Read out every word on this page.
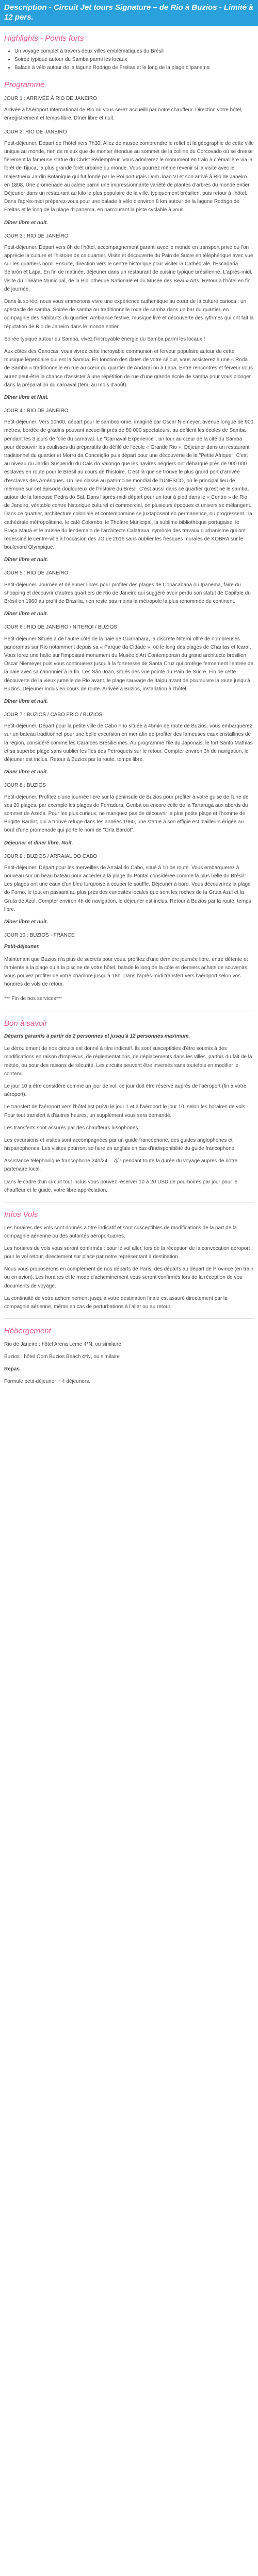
Description - Circuit Jet tours Signature – de Rio à Buzios - Limité à 12 pers.
Highlights - Points forts
• Un voyage complet à travers deux villes emblématiques du Brésil
• Soirée typique autour du Samba parmi les locaux
• Balade à vélo autour de la lagune Rodrigo de Freitas et le long de la plage d'Ipanema
Programme
JOUR 1 : ARRIVÉE À RIO DE JANEIRO

Arrivée à l'Aéroport International de Rio où vous serez accueilli par notre chauffeur. Direction votre hôtel, enregistrement et temps libre. Dîner libre et nuit.

JOUR 2: RIO DE JANEIRO

Petit-déjeuner. Départ de l'hôtel vers 7h30. Allez de musée comprendre le relief et la géographie de cette ville unique au monde, rien de mieux que de monter étendue au sommet de la colline du Corcovado où se dresse fièrement la fameuse statue du Christ Rédempteur. Vous admirerez le monument en train à crémaillère via la forêt de Tijuca, la plus grande forêt urbaine du monde. Vous pourrez même revenir si la visite avec le majestueux Jardin Botanique qui fut fondé par le Roi portugais Dom Joao VI et son arrivé à Rio de Janeiro en 1808. Une promenade au calme parmi une impressionnante variété de plantes d'arbres du monde entier. Déjeuner dans un restaurant au kilo le plus populaire de la ville, typiquement brésilien, puis retour à l'hôtel. Dans l'après-midi préparez-vous pour une balade à vélo d'environ 8 km autour de la lagune Rodrigo de Freitas et le long de la plage d'Ipanema, en parcourant la piste cyclable à vous.

Dîner libre et nuit.

JOUR 3 : RIO DE JANEIRO

Petit-déjeuner. Départ vers 8h de l'hôtel, accompagnement garanti avec le monde en transport privé où l'on apprécie la culture et l'histoire de ce quartier. Visite et découverte du Pain de Sucre en téléphérique avec vue sur les quartiers nord. Ensuite, direction vers le centre historique pour visiter la Cathédrale, l'Escadaria Selarón et Lapa. En fin de matinée, déjeuner dans un restaurant de cuisine typique brésilienne. L'après-midi, visite du Théâtre Municipal, de la Bibliothèque Nationale et du Musée des Beaux-Arts. Retour à l'hôtel en fin de journée.

Dans la soirée, nous vous emmenons vivre une expérience authentique au cœur de la culture carioca : un spectacle de samba. Soirée de samba ou traditionnelle roda de samba dans un bar du quartier, en compagnie des habitants du quartier. Ambiance festive, musique live et découverte des rythmes qui ont fait la réputation de Rio de Janeiro dans le monde entier.

Soirée typique autour du Samba, vivez l'incroyable énergie du Samba parmi les locaux !

Aux côtés des Cariocas, vous vivrez cette incroyable communion et ferveur populaire autour de cette musique légendaire qui est la Samba. En fonction des dates de votre séjour, vous assisterez à une « Roda de Samba » traditionnelle en rue au cœur du quartier de Andaraí ou à Lapa. Entre rencontres et ferveur vous aurez peut-être la chance d'assister à une répétition de rue d'une grande école de samba pour vous plonger dans la préparation du carnaval (tenu au mois d'août).

Dîner libre et Nuit.

JOUR 4 : RIO DE JANEIRO

Petit-déjeuner. Vers 10h00, départ pour le sambodrome, imaginé par Oscar Niemeyer, avenue longue de 900 mètres, bordée de gradins pouvant accueillir près de 80 000 spectateurs, au défilent les écoles de Samba pendant les 3 jours de folie du carnaval. Le "Carnaval Experience", un tour au cœur de la cité du Samba pour découvrir les coulisses du préparatifs du défilé de l'école « Grande Rio ». Déjeuner dans un restaurant traditionnel du quartier et Morro da Conceição puis départ pour une découverte de la "Petite Afrique". C'est au niveau du Jardin Suspendu du Cais do Valongo que les navires négriers ont débarqué près de 900 000 esclaves en route pour le Brésil au cours de l'histoire. C'est là que se trouve le plus grand port d'arrivée d'esclaves des Amériques. Un lieu classé au patrimoine mondial de l'UNESCO, où le principal lieu de mémoire sur cet épisode douloureux de l'histoire du Brésil. C'est aussi dans ce quartier qu'est né le samba, autour de la fameuse Pedra do Sal. Dans l'après-midi départ pour un tour à pied dans le « Centro » de Rio de Janeiro, véritable centre historique culturel et commercial, on plusieurs époques et univers se mélangent. Dans ce quartier, architecture coloniale et contemporaine se juxtaposent en permanence, ou progressent : la cathédrale métropolitaine, le café Colombo, le Théâtre Municipal, la sublime bibliothèque portugaise, le Praça Mauá et le musée du lendemain de l'architecte Calatrava, symbole des travaux d'urbanisme qui ont redessiné le centre-ville à l'occasion des JO de 2016 sans oublier les fresques murales de KOBRA sur le boulevard Olympique.

Dîner libre et nuit.

JOUR 5 : RIO DE JANEIRO

Petit-déjeuner. Journée et déjeuner libres pour profiter des plages de Copacabana ou Ipanema, faire du shopping et découvrir d'autres quartiers de Rio de Janeiro qui suggéré avoir perdu son statut de Capitale du Brésil en 1960 au profit de Brasilia, rien reste pas moins la métropole la plus renommée du continent.

Dîner libre et nuit.

JOUR 6 : RIO DE JANEIRO / NITEROI / BUZIOS

Petit-déjeuner Située à de l'autre côté de la baie de Guanabara, la discrète Niteroi offre de nombreuses panoramas sur Rio notamment depuis sa « Parque da Cidade », où le long des plages de Charitas et Icaraí. Vous ferez une halte sur l'imposant monument du Musée d'Art Contemporain du grand architecte brésilien Oscar Niemeyer puis vous continuerez jusqu'à la forteresse de Santa Cruz qui protège fermement l'entrée de la baie avec sa canonnier à la fin. Les São Joao, situés des vue pointe du Pain de Sucre. Fin de cette découverte de la vieux jumelle de Rio avant, le plage sauvage de Itaipu avant de poursuivre la route jusqu'à Buzios. Déjeuner inclus en cours de route. Arrivée à Buzios, installation à l'hôtel.

Dîner libre et nuit.

JOUR 7 : BUZIOS / CABO FRIO / BUZIOS

Petit-déjeuner. Départ pour la petite ville de Cabo Frio située à 45min de route de Buzios, vous embarquerez sur un bateau traditionnel pour une belle excursion en mer afin de profiter des fameuses eaux cristallines de la région, considéré comme les Caraïbes Brésiliennes. Au programme l'île du Japonais, le fort Santo Mathias et sa superbe plage sans oublier les îles des Perroquets sur le retour. Compter environ 3h de navigation, le déjeuner est inclus. Retour à Buzios par la route, temps libre.

Dîner libre et nuit.

JOUR 8 : BUZIOS

Petit-déjeuner. Profitez d'une journée libre sur la péninsule de Buzios pour profiter à votre guise de l'une de ses 20 plages, par exemple les plages de Ferradura, Geribá ou encore celle de la Tartaruga aux abords du sommet de Azeda. Pour les plus curieux, ne manquez pas de découvrir la plus petite plage et l'homme de Brigitte Bardot, qui a trouvé refuge dans les années 1960, une statue à son effigie est d'ailleurs érigée au bord d'une promenade qui porte le nom de "Orla Bardot".

Déjeuner et dîner libre, Nuit.

JOUR 9 : BUZIOS / ARRAIAL DO CABO

Petit-déjeuner. Départ pour les merveilles de Arraial do Cabo, situé à 1h de route. Vous embarquerez à nouveau sur un beau bateau pour accéder à la plage du Pontal considérée comme la plus belle du Brésil ! Les plages ont une eaux d'un bleu turquoise à couper le souffle. Déjeuner à bord. Vous découvrirez la plage do Forno, le tout en passant au plus près des curiosités locales que sont les roches de la Gruta Azul et la Gruta de Azul. Compter environ 4h de navigation, le déjeuner est inclus. Retour à Buzios par la route, temps libre.

Dîner libre et nuit.

JOUR 10 : BUZIOS - FRANCE

Petit-déjeuner.

Maintenant que Buzios n'a plus de secrets pour vous, profitez d'une dernière journée libre, entre détente et farniente à la plage ou à la piscine de votre hôtel, balade le long de la côte et derniers achats de souvenirs. Vous pouvez profiter de votre chambre jusqu'à 18h. Dans l'après-midi transfert vers l'aéroport selon vos horaires de vols de retour.

*** Fin de nos services***

Bon à savoir

Départs garantis à partir de 2 personnes et jusqu'à 12 personnes maximum.

Le déroulement de nos circuits est donné à titre indicatif. Ils sont susceptibles d'être soumis à des modifications en raison d'imprévus, de réglementations, de déplacements dans les villes, parfois du fait de la météo, ou pour des raisons de sécurité. Les circuits peuvent être inversés sans toutefois en modifier le contenu.

Le jour 10 a être considéré comme un jour de vol, ce jour doit être réservé auprès de l'aéroport (fin à votre aéroport).

Le transfert de l'aéroport vers l'hôtel est prévu le jour 1 et à l'aéroport le jour 10, selon les horaires de vols. Pour tout transfert à d'autres heures, un supplément vous sera demandé.

Les transferts sont assurés par des chauffeurs lusophones.

Les excursions et visites sont accompagnées par un guide francophone, des guides anglophones et hispanophones. Les visites pourront se faire en anglais en cas d'indisponibilité du guide francophone.

Assistance téléphonique francophone 24h/24 – 7j/7 pendant toute la durée du voyage auprès de notre partenaire local.

Dans le cadre d'un circuit tout inclus vous pouvez réserver 10 à 20 USD de pourboires par jour pour le chauffeur et le guide, votre libre appréciation.

Infos Vols

Les horaires des vols sont donnés à titre indicatif et sont susceptibles de modifications de la part de la compagnie aérienne ou des autorités aéroportuaires.

Les horaires de vols vous seront confirmés : pour le vol aller, lors de la réception de la convocation aéroport ; pour le vol retour, directement sur place par notre représentant à destination.

Nous vous proposerons en complément de nos départs de Paris, des départs au départ de Province (en train ou en avion). Les horaires et le mode d'acheminement vous seront confirmés lors de la réception de vos documents de voyage.

La continuité de votre acheminement jusqu'à votre destination finale est assuré directement par la compagnie aérienne, même en cas de perturbations à l'aller ou au retour.

Hébergement

Rio de Janeiro : hôtel Arena Leme 4*N, ou similaire

Buzios : hôtel Oom Buzios Beach 4*N, ou similaire

Repas

Formule petit-déjeuner + 4 déjeuners.
